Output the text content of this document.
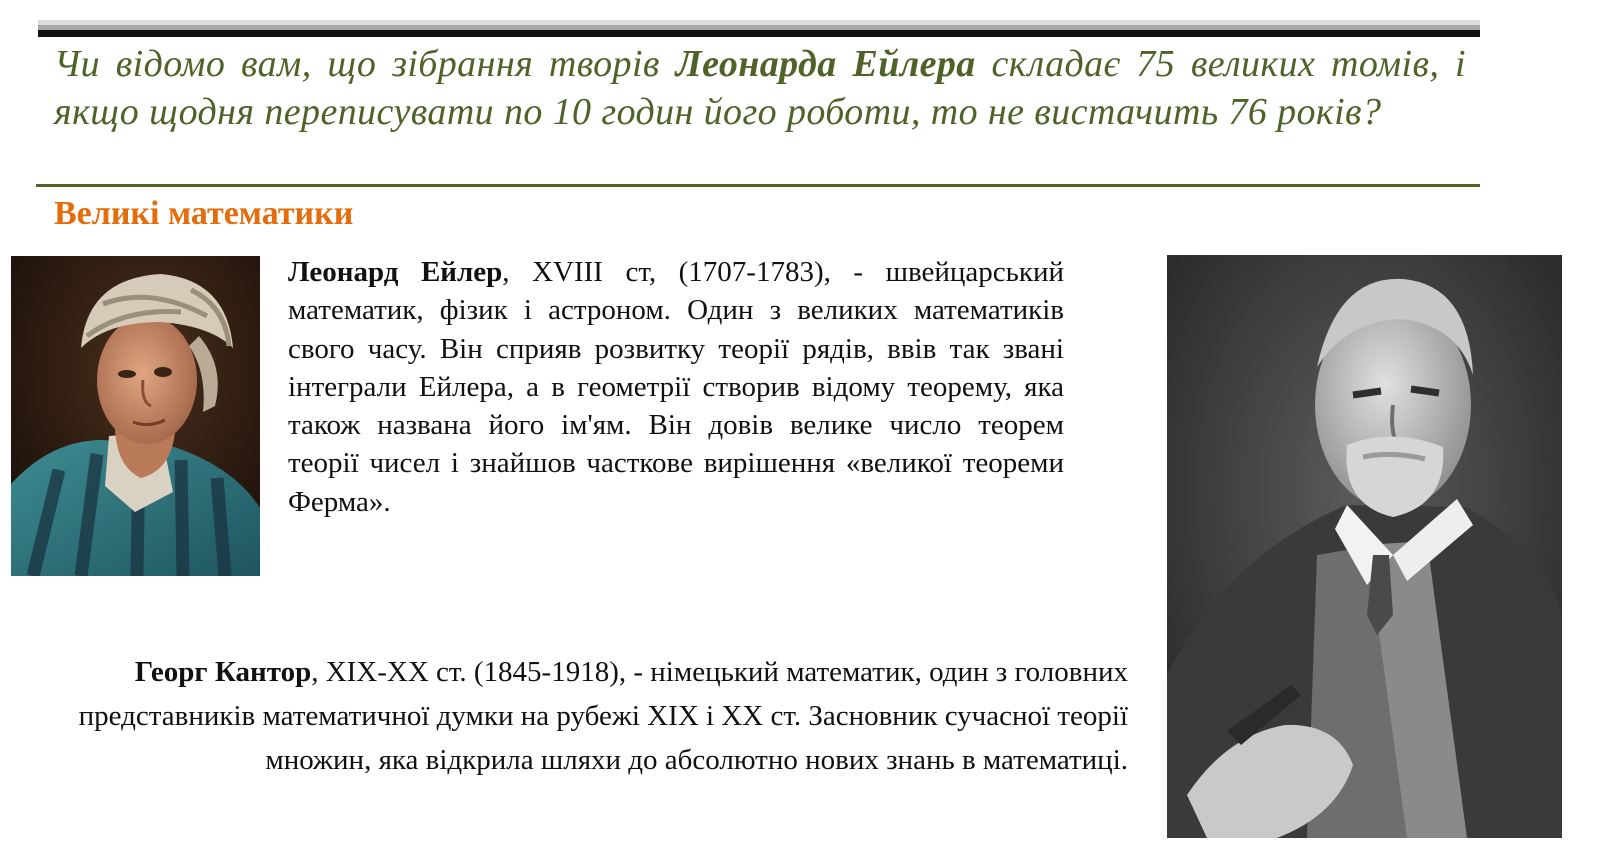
Чи відомо вам, що зібрання творів Леонарда Ейлера складає 75 великих томів, і якщо щодня переписувати по 10 годин його роботи, то не вистачить 76 років?

Великі математики

Леонард Ейлер, XVIII ст, (1707-1783), - швейцарський математик, фізик і астроном. Один з великих математиків свого часу. Він сприяв розвитку теорії рядів, ввів так звані інтеграли Ейлера, а в геометрії створив відому теорему, яка також названа його ім'ям. Він довів велике число теорем теорії чисел і знайшов часткове вирішення «великої теореми Ферма».

Георг Кантор, XIX-XX ст. (1845-1918), - німецький математик, один з головних представників математичної думки на рубежі XIX і XX ст. Засновник сучасної теорії множин, яка відкрила шляхи до абсолютно нових знань в математиці.
